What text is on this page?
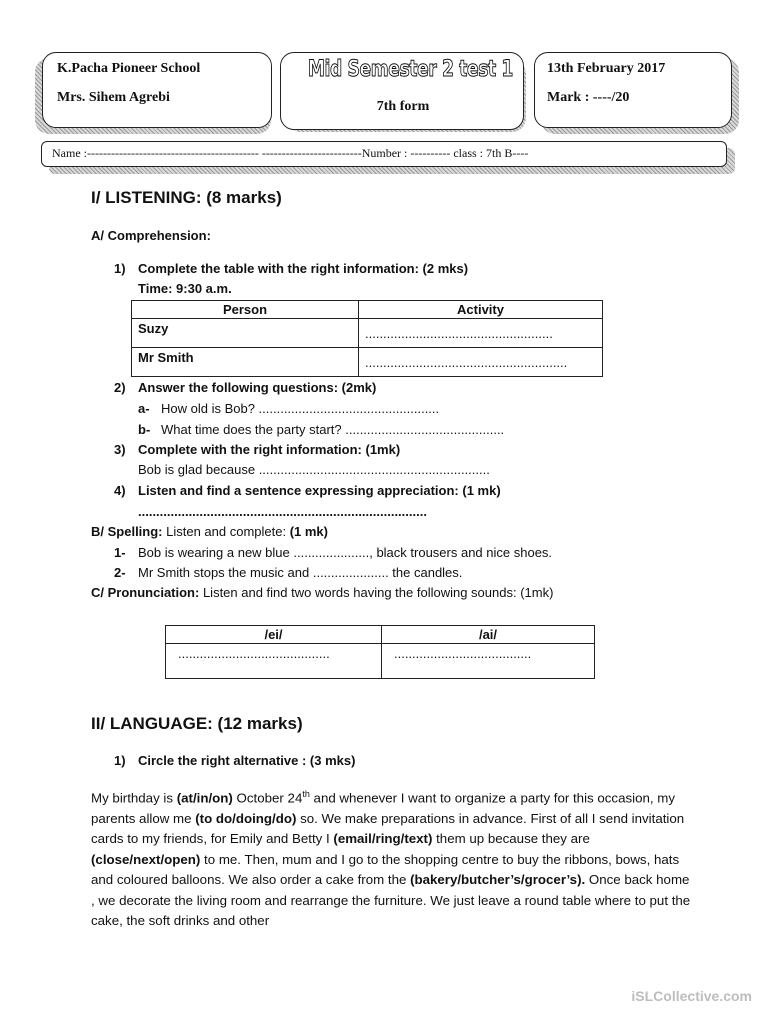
K.Pacha Pioneer School
Mrs. Sihem Agrebi
Mid Semester 2 test 1
7th form
13th February 2017
Mark : ----/20
Name :------------------------------------------- -------------------------Number : ---------- class : 7th B----
I/ LISTENING: (8 marks)
A/ Comprehension:
1) Complete the table with the right information: (2 mks)
Time: 9:30 a.m.
Person	Activity
Suzy	....................................................
Mr Smith	........................................................
2) Answer the following questions: (2mk)
a- How old is Bob? ..................................................
b- What time does the party start? ............................................
3) Complete with the right information: (1mk)
Bob is glad because ................................................................
4) Listen and find a sentence expressing appreciation: (1 mk)
................................................................................
B/ Spelling: Listen and complete: (1 mk)
1- Bob is wearing a new blue ....................., black trousers and nice shoes.
2- Mr Smith stops the music and ..................... the candles.
C/ Pronunciation: Listen and find two words having the following sounds: (1mk)
/ei/	/ai/
..........................................	......................................
II/ LANGUAGE: (12 marks)
1) Circle the right alternative : (3 mks)
My birthday is (at/in/on) October 24th and whenever I want to organize a party for this occasion, my parents allow me (to do/doing/do) so. We make preparations in advance. First of all I send invitation cards to my friends, for Emily and Betty I (email/ring/text) them up because they are (close/next/open) to me. Then, mum and I go to the shopping centre to buy the ribbons, bows, hats and coloured balloons. We also order a cake from the (bakery/butcher’s/grocer’s). Once back home , we decorate the living room and rearrange the furniture. We just leave a round table where to put the cake, the soft drinks and other
iSLCollective.com
